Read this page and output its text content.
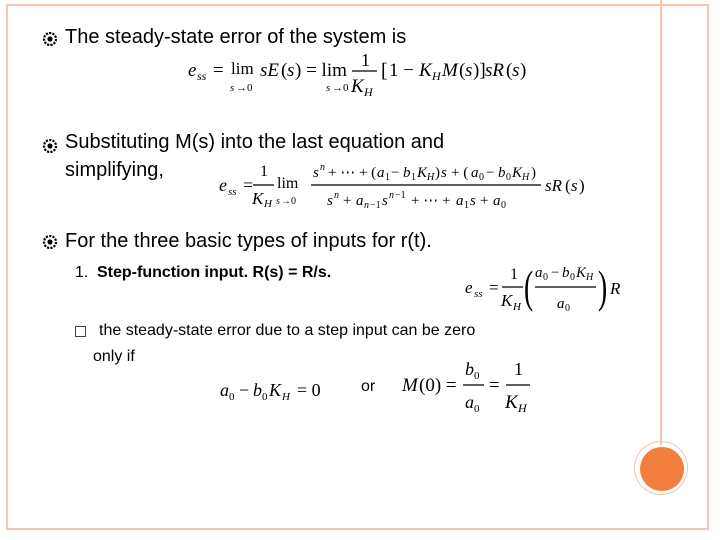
The steady-state error of the system is
e ss = lim
s →0
sE ( s ) = lim
s →0
1
K H
[ 1 − K H M ( s )] sR ( s )
Substituting M(s) into the last equation and
simplifying,
e ss =
1
K H
lim
s →0
s n + ⋯ + ( a 1 − b 1 K H ) s + ( a 0 − b 0 K H )
s n + a n −1 s n −1 + ⋯ + a 1 s + a 0
sR ( s )
For the three basic types of inputs for r(t).
1. Step-function input. R(s) = R/s.
e ss =
1
K H ( a 0 − b 0 K H
a 0 ) R
the steady-state error due to a step input can be zero
only if
a 0 − b 0 K H = 0	or M (0) =
b 0
a 0
=
1
K H
